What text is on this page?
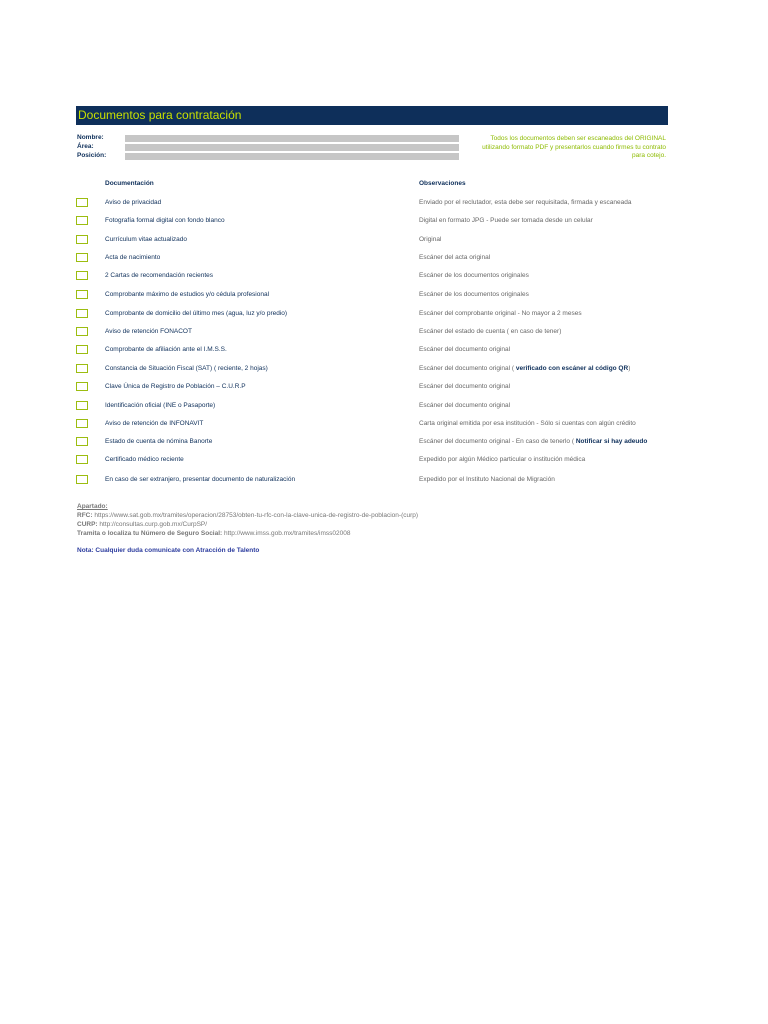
Documentos para contratación
Nombre:
Área:
Posición:
Todos los documentos deben ser escaneados del ORIGINAL utilizando formato PDF y presentarlos cuando firmes tu contrato para cotejo.
Documentación	Observaciones
Aviso de privacidad	Enviado por el reclutador, esta debe ser requisitada, firmada y escaneada
Fotografía formal digital con fondo blanco	Digital en formato JPG - Puede ser tomada desde un celular
Currículum vitae actualizado	Original
Acta de nacimiento	Escáner del acta original
2 Cartas de recomendación recientes	Escáner de los documentos originales
Comprobante máximo de estudios y/o cédula profesional	Escáner de los documentos originales
Comprobante de domicilio del último mes (agua, luz y/o predio)	Escáner del comprobante original - No mayor a 2 meses
Aviso de retención FONACOT	Escáner del estado de cuenta ( en caso de tener)
Comprobante de afiliación ante el I.M.S.S.	Escáner del documento original
Constancia de Situación Fiscal (SAT) ( reciente, 2 hojas)	Escáner del documento original ( verificado con escáner al código QR)
Clave Única de Registro de Población – C.U.R.P	Escáner del documento original
Identificación oficial (INE o Pasaporte)	Escáner del documento original
Aviso de retención de INFONAVIT	Carta original emitida por esa institución - Sólo si cuentas con algún crédito
Estado de cuenta de nómina Banorte	Escáner del documento original - En caso de tenerlo ( Notificar si hay adeudo
Certificado médico reciente	Expedido por algún Médico particular o institución médica
En caso de ser extranjero, presentar documento de naturalización	Expedido por el Instituto Nacional de Migración
Apartado:
RFC: https://www.sat.gob.mx/tramites/operacion/28753/obten-tu-rfc-con-la-clave-unica-de-registro-de-poblacion-(curp)
CURP: http://consultas.curp.gob.mx/CurpSP/
Tramita o localiza tu Número de Seguro Social: http://www.imss.gob.mx/tramites/imss02008
Nota: Cualquier duda comunicate con Atracción de Talento
